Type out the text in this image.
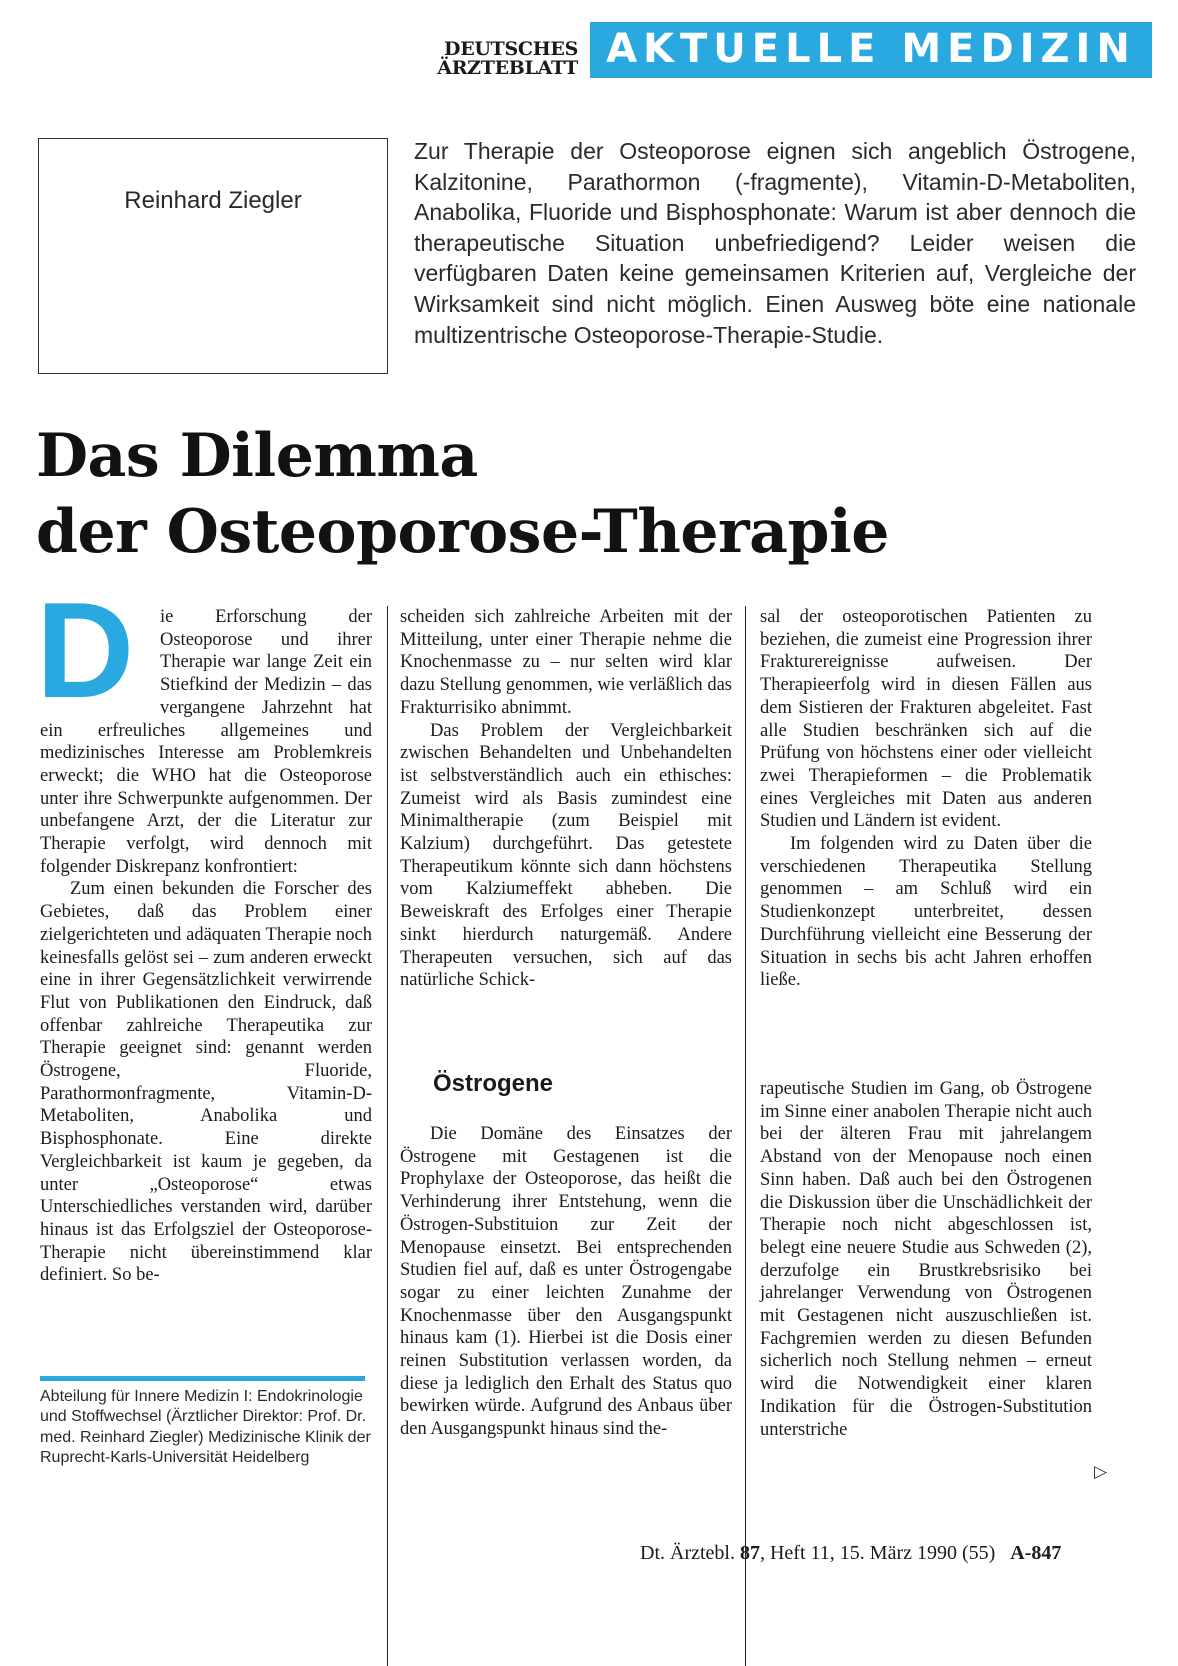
DEUTSCHES
ÄRZTEBLATT AKTUELLE MEDIZIN
Reinhard Ziegler
Zur Therapie der Osteoporose eignen sich angeblich Östrogene, Kalzitonine, Parathormon (-fragmente), Vitamin-D-Metaboliten, Anabolika, Fluoride und Bisphosphonate: Warum ist aber dennoch die therapeutische Situation unbefriedigend? Leider weisen die verfügbaren Daten keine gemeinsamen Kriterien auf, Vergleiche der Wirksamkeit sind nicht möglich. Einen Ausweg böte eine nationale multizentrische Osteoporose-Therapie-Studie.
Das Dilemma
der Osteoporose-Therapie
D	ie Erforschung der Osteoporose und ihrer Therapie war lange Zeit ein Stiefkind der Medizin – das vergangene Jahrzehnt hat ein erfreuliches allgemeines und medizinisches Interesse am Problemkreis erweckt; die WHO hat die Osteoporose unter ihre Schwerpunkte aufgenommen. Der unbefangene Arzt, der die Literatur zur Therapie verfolgt, wird dennoch mit folgender Diskrepanz konfrontiert:

Zum einen bekunden die Forscher des Gebietes, daß das Problem einer zielgerichteten und adäquaten Therapie noch keinesfalls gelöst sei – zum anderen erweckt eine in ihrer Gegensätzlichkeit verwirrende Flut von Publikationen den Eindruck, daß offenbar zahlreiche Therapeutika zur Therapie geeignet sind: genannt werden Östrogene, Fluoride, Parathormonfragmente, Vitamin-D-Metaboliten, Anabolika und Bisphosphonate. Eine direkte Vergleichbarkeit ist kaum je gegeben, da unter „Osteoporose“ etwas Unterschiedliches verstanden wird, darüber hinaus ist das Erfolgsziel der Osteoporose-Therapie nicht übereinstimmend klar definiert. So be-

scheiden sich zahlreiche Arbeiten mit der Mitteilung, unter einer Therapie nehme die Knochenmasse zu – nur selten wird klar dazu Stellung genommen, wie verläßlich das Frakturrisiko abnimmt.

Das Problem der Vergleichbarkeit zwischen Behandelten und Unbehandelten ist selbstverständlich auch ein ethisches: Zumeist wird als Basis zumindest eine Minimaltherapie (zum Beispiel mit Kalzium) durchgeführt. Das getestete Therapeutikum könnte sich dann höchstens vom Kalziumeffekt abheben. Die Beweiskraft des Erfolges einer Therapie sinkt hierdurch naturgemäß. Andere Therapeuten versuchen, sich auf das natürliche Schick-

sal der osteoporotischen Patienten zu beziehen, die zumeist eine Progression ihrer Frakturereignisse aufweisen. Der Therapieerfolg wird in diesen Fällen aus dem Sistieren der Frakturen abgeleitet. Fast alle Studien beschränken sich auf die Prüfung von höchstens einer oder vielleicht zwei Therapieformen – die Problematik eines Vergleiches mit Daten aus anderen Studien und Ländern ist evident.

Im folgenden wird zu Daten über die verschiedenen Therapeutika Stellung genommen – am Schluß wird ein Studienkonzept unterbreitet, dessen Durchführung vielleicht eine Besserung der Situation in sechs bis acht Jahren erhoffen ließe.

Östrogene

Die Domäne des Einsatzes der Östrogene mit Gestagenen ist die Prophylaxe der Osteoporose, das heißt die Verhinderung ihrer Entstehung, wenn die Östrogen-Substituion zur Zeit der Menopause einsetzt. Bei entsprechenden Studien fiel auf, daß es unter Östrogengabe sogar zu einer leichten Zunahme der Knochenmasse über den Ausgangspunkt hinaus kam (1). Hierbei ist die Dosis einer reinen Substitution verlassen worden, da diese ja lediglich den Erhalt des Status quo bewirken würde. Aufgrund des Anbaus über den Ausgangspunkt hinaus sind the-

rapeutische Studien im Gang, ob Östrogene im Sinne einer anabolen Therapie nicht auch bei der älteren Frau mit jahrelangem Abstand von der Menopause noch einen Sinn haben. Daß auch bei den Östrogenen die Diskussion über die Unschädlichkeit der Therapie noch nicht abgeschlossen ist, belegt eine neuere Studie aus Schweden (2), derzufolge ein Brustkrebsrisiko bei jahrelanger Verwendung von Östrogenen mit Gestagenen nicht auszuschließen ist. Fachgremien werden zu diesen Befunden sicherlich noch Stellung nehmen – erneut wird die Notwendigkeit einer klaren Indikation für die Östrogen-Substitution unterstriche

▷
Abteilung für Innere Medizin I: Endokrinologie und Stoffwechsel (Ärztlicher Direktor: Prof. Dr. med. Reinhard Ziegler) Medizinische Klinik der Ruprecht-Karls-Universität Heidelberg
Dt. Ärztebl. 87, Heft 11, 15. März 1990 (55) A-847
